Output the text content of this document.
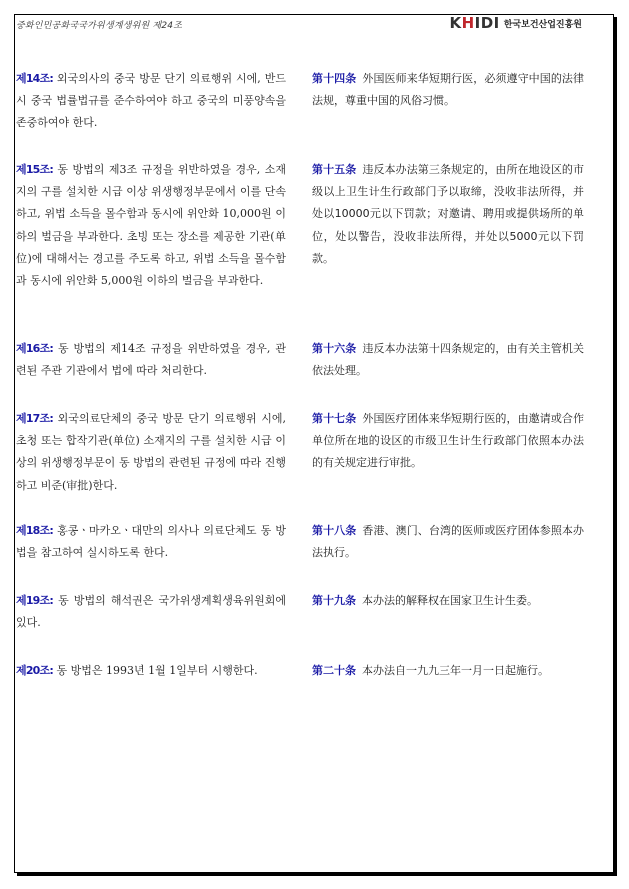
중화인민공화국국가위생계생위원 제24조	KHIDI 한국보건산업진흥원
제14조: 외국의사의 중국 방문 단기 의료행위 시에, 반드시 중국 법률법규를 준수하여야 하고 중국의 미풍양속을 존중하여야 한다.
第十四条 外国医师来华短期行医，必须遵守中国的法律法规，尊重中国的风俗习惯。
제15조: 동 방법의 제3조 규정을 위반하였을 경우, 소재지의 구를 설치한 시급 이상 위생행정부문에서 이를 단속하고, 위법 소득을 몰수함과 동시에 위안화 10,000원 이하의 벌금을 부과한다. 초빙 또는 장소를 제공한 기관(单位)에 대해서는 경고를 주도록 하고, 위법 소득을 몰수함과 동시에 위안화 5,000원 이하의 벌금을 부과한다.
第十五条 违反本办法第三条规定的，由所在地设区的市级以上卫生计生行政部门予以取缔，没收非法所得，并处以10000元以下罚款；对邀请、聘用或提供场所的单位，处以警告，没收非法所得，并处以5000元以下罚款。
제16조: 동 방법의 제14조 규정을 위반하였을 경우, 관련된 주관 기관에서 법에 따라 처리한다.
第十六条 违反本办法第十四条规定的，由有关主管机关依法处理。
제17조: 외국의료단체의 중국 방문 단기 의료행위 시에, 초청 또는 합작기관(单位) 소재지의 구를 설치한 시급 이상의 위생행정부문이 동 방법의 관련된 규정에 따라 진행하고 비준(审批)한다.
第十七条 外国医疗团体来华短期行医的，由邀请或合作单位所在地的设区的市级卫生计生行政部门依照本办法的有关规定进行审批。
제18조: 홍콩ㆍ마카오ㆍ대만의 의사나 의료단체도 동 방법을 참고하여 실시하도록 한다.
第十八条 香港、澳门、台湾的医师或医疗团体参照本办法执行。
제19조: 동 방법의 해석권은 국가위생계획생육위원회에 있다.
第十九条 本办法的解释权在国家卫生计生委。
제20조: 동 방법은 1993년 1월 1일부터 시행한다.	第二十条 本办法自一九九三年一月一日起施行。
